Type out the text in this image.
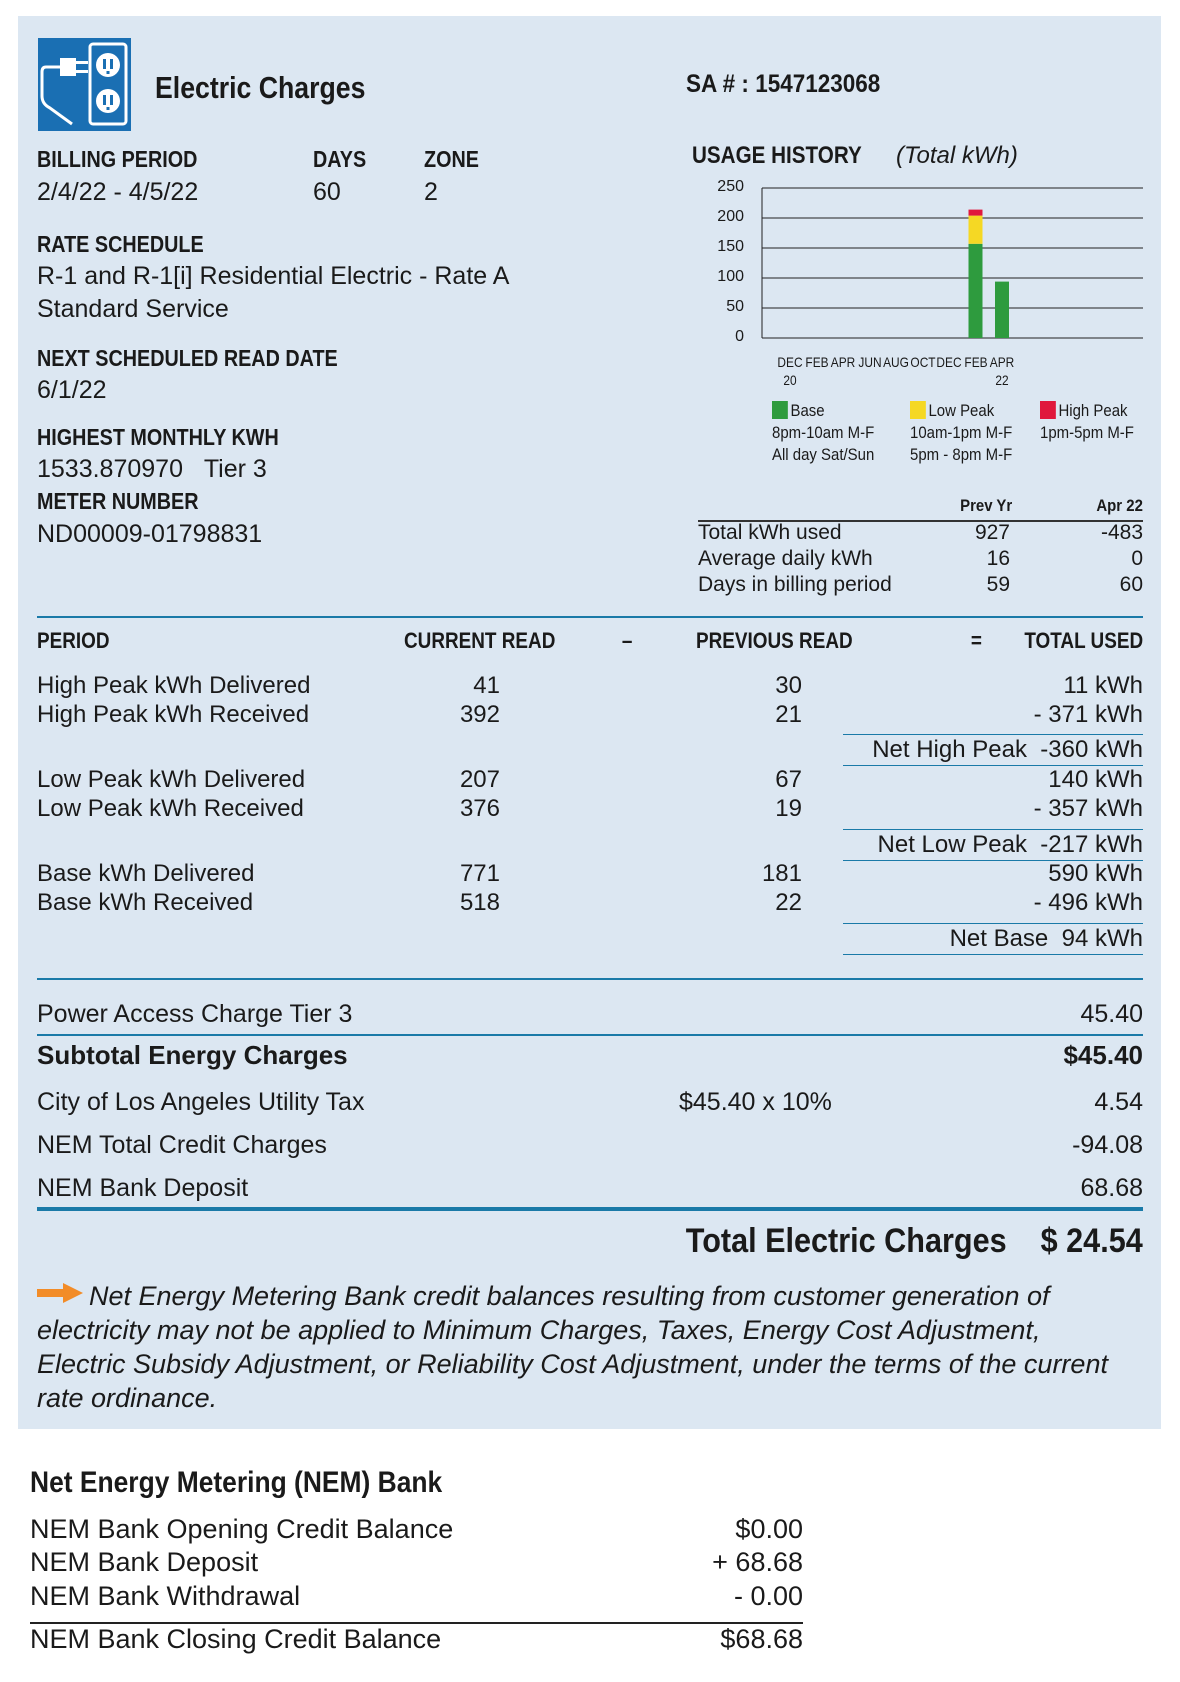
Electric Charges	SA # : 1547123068
BILLING PERIOD
2/4/22 - 4/5/22
DAYS
60
ZONE
2
RATE SCHEDULE
R-1 and R-1[i] Residential Electric - Rate A
Standard Service
NEXT SCHEDULED READ DATE
6/1/22
HIGHEST MONTHLY KWH
1533.870970 Tier 3
METER NUMBER
ND00009-01798831
USAGE HISTORY (Total kWh)
250
200
150
100
50
0
DEC FEB APR JUN AUG OCT DEC FEB APR
20	22
Base
8pm-10am M-F
All day Sat/Sun
Low Peak
10am-1pm M-F
5pm - 8pm M-F
High Peak
1pm-5pm M-F
Prev Yr	Apr 22
Total kWh used	927	-483
Average daily kWh	16	0
Days in billing period	59	60
PERIOD	CURRENT READ	–	PREVIOUS READ	= TOTAL USED
High Peak kWh Delivered	41	30	11 kWh
High Peak kWh Received	392	21	- 371 kWh
Low Peak kWh Delivered	207	67	140 kWh
Low Peak kWh Received	376	19	- 357 kWh
Base kWh Delivered	771	181	590 kWh
Base kWh Received	518	22	- 496 kWh
Net High Peak -360 kWh
Net Low Peak -217 kWh
Net Base 94 kWh
Power Access Charge Tier 3	45.40
Subtotal Energy Charges	$45.40
City of Los Angeles Utility Tax	$45.40 x 10%	4.54
NEM Total Credit Charges	-94.08
NEM Bank Deposit	68.68
Total Electric Charges $ 24.54
Net Energy Metering Bank credit balances resulting from customer generation of electricity may not be applied to Minimum Charges, Taxes, Energy Cost Adjustment, Electric Subsidy Adjustment, or Reliability Cost Adjustment, under the terms of the current rate ordinance.
Net Energy Metering (NEM) Bank
NEM Bank Opening Credit Balance	$0.00
NEM Bank Deposit	+ 68.68
NEM Bank Withdrawal	- 0.00
NEM Bank Closing Credit Balance	$68.68
